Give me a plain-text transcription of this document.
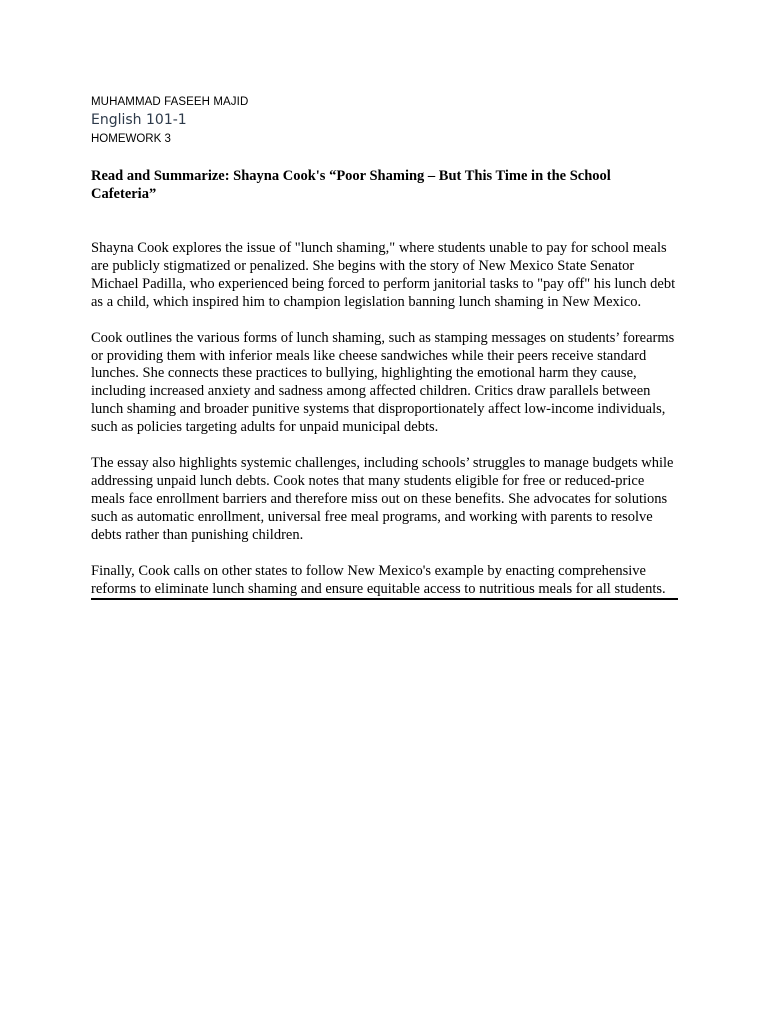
MUHAMMAD FASEEH MAJID

English 101-1

HOMEWORK 3

Read and Summarize: Shayna Cook's “Poor Shaming – But This Time in the School Cafeteria”

Shayna Cook explores the issue of "lunch shaming," where students unable to pay for school meals are publicly stigmatized or penalized. She begins with the story of New Mexico State Senator Michael Padilla, who experienced being forced to perform janitorial tasks to "pay off" his lunch debt as a child, which inspired him to champion legislation banning lunch shaming in New Mexico.

Cook outlines the various forms of lunch shaming, such as stamping messages on students’ forearms or providing them with inferior meals like cheese sandwiches while their peers receive standard lunches. She connects these practices to bullying, highlighting the emotional harm they cause, including increased anxiety and sadness among affected children. Critics draw parallels between lunch shaming and broader punitive systems that disproportionately affect low-income individuals, such as policies targeting adults for unpaid municipal debts.

The essay also highlights systemic challenges, including schools’ struggles to manage budgets while addressing unpaid lunch debts. Cook notes that many students eligible for free or reduced-price meals face enrollment barriers and therefore miss out on these benefits. She advocates for solutions such as automatic enrollment, universal free meal programs, and working with parents to resolve debts rather than punishing children.

Finally, Cook calls on other states to follow New Mexico's example by enacting comprehensive reforms to eliminate lunch shaming and ensure equitable access to nutritious meals for all students.
